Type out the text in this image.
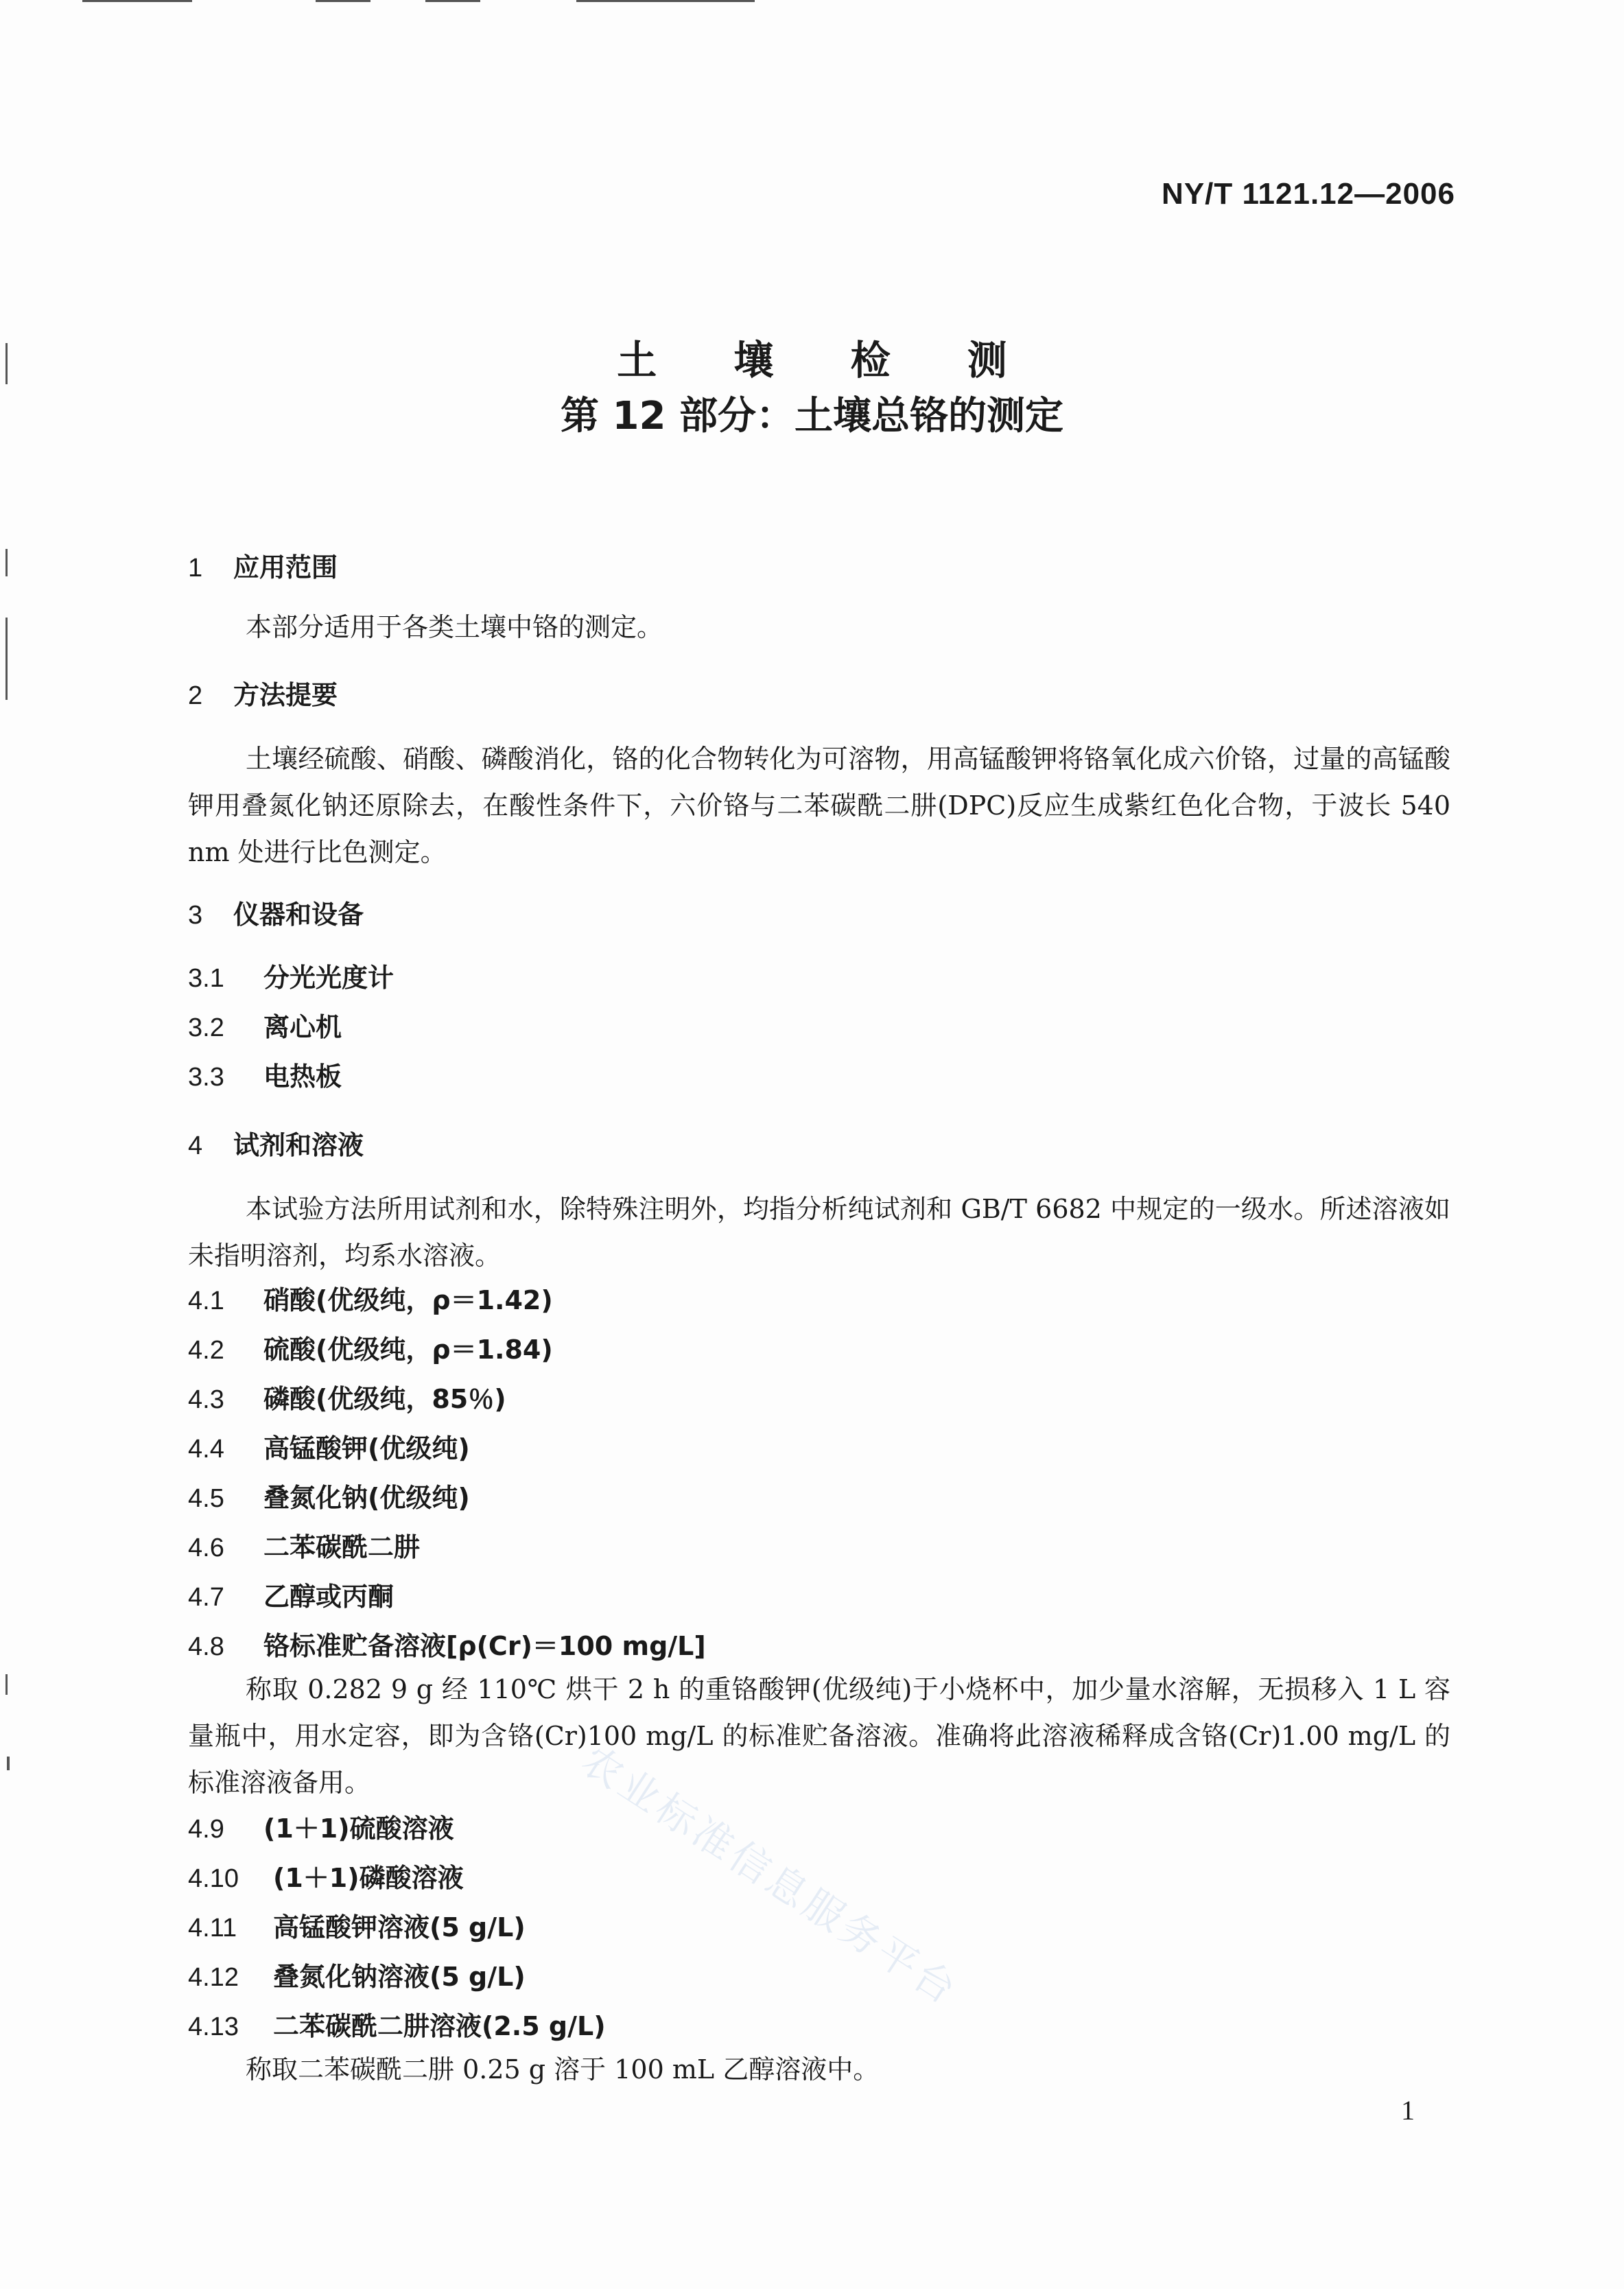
NY/T 1121.12—2006
土 壤 检 测
第 12 部分：土壤总铬的测定
1 应用范围
本部分适用于各类土壤中铬的测定。
2 方法提要
土壤经硫酸、硝酸、磷酸消化，铬的化合物转化为可溶物，用高锰酸钾将铬氧化成六价铬，过量的高锰酸钾用叠氮化钠还原除去，在酸性条件下，六价铬与二苯碳酰二肼(DPC)反应生成紫红色化合物，于波长 540 nm 处进行比色测定。
3 仪器和设备
3.1 分光光度计
3.2 离心机
3.3 电热板
4 试剂和溶液
本试验方法所用试剂和水，除特殊注明外，均指分析纯试剂和 GB/T 6682 中规定的一级水。所述溶液如未指明溶剂，均系水溶液。
4.1 硝酸(优级纯，ρ＝1.42)
4.2 硫酸(优级纯，ρ＝1.84)
4.3 磷酸(优级纯，85％)
4.4 高锰酸钾(优级纯)
4.5 叠氮化钠(优级纯)
4.6 二苯碳酰二肼
4.7 乙醇或丙酮
4.8 铬标准贮备溶液[ρ(Cr)＝100 mg/L]
称取 0.282 9 g 经 110℃ 烘干 2 h 的重铬酸钾(优级纯)于小烧杯中，加少量水溶解，无损移入 1 L 容量瓶中，用水定容，即为含铬(Cr)100 mg/L 的标准贮备溶液。准确将此溶液稀释成含铬(Cr)1.00 mg/L 的标准溶液备用。
4.9 (1＋1)硫酸溶液
4.10 (1＋1)磷酸溶液
4.11 高锰酸钾溶液(5 g/L)
4.12 叠氮化钠溶液(5 g/L)
4.13 二苯碳酰二肼溶液(2.5 g/L)
称取二苯碳酰二肼 0.25 g 溶于 100 mL 乙醇溶液中。
农业标准信息服务平台
1
